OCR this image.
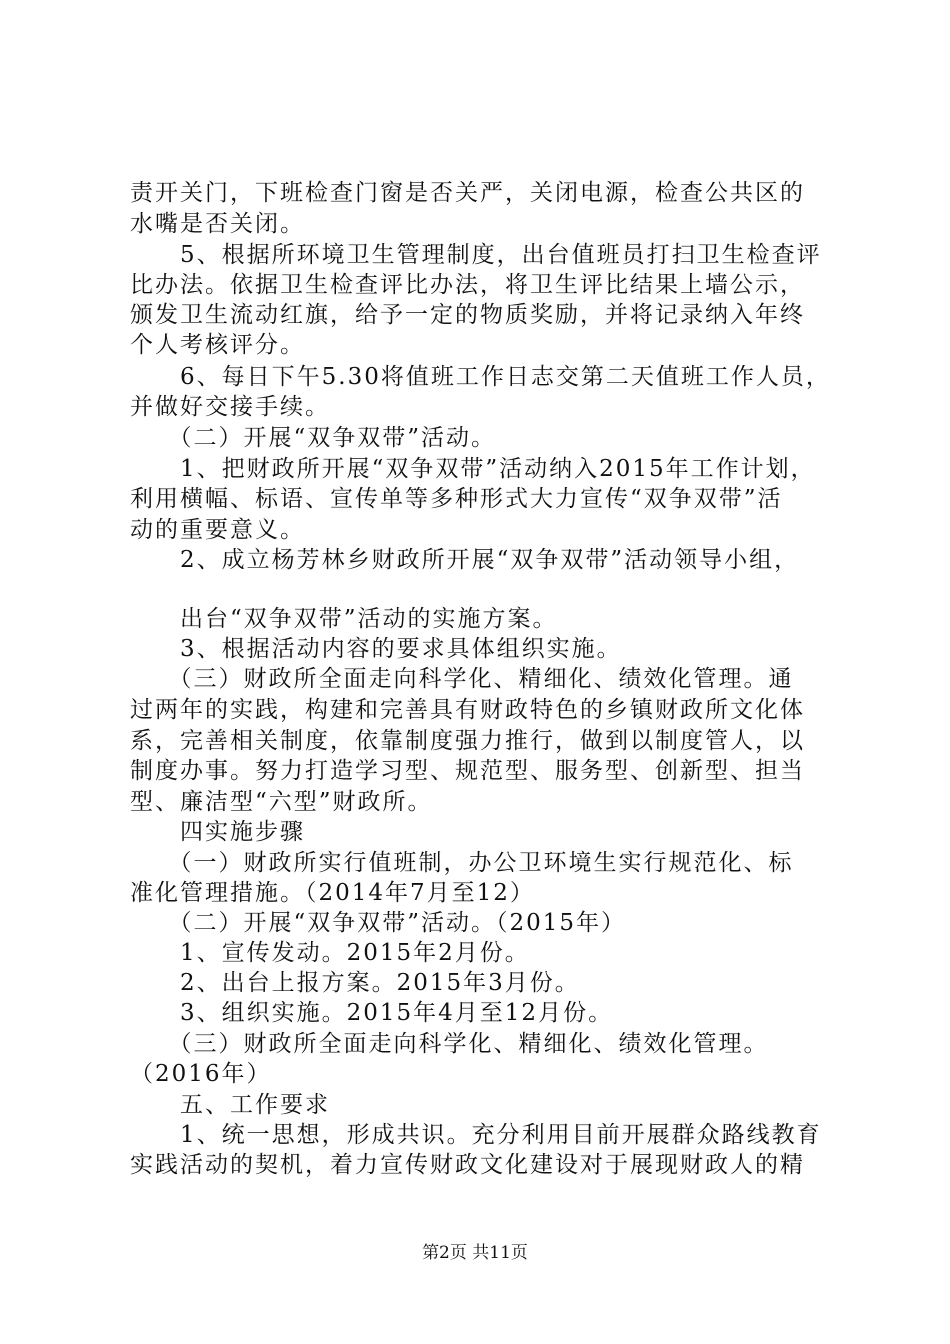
责开关门，下班检查门窗是否关严，关闭电源，检查公共区的
水嘴是否关闭。
　　5、根据所环境卫生管理制度，出台值班员打扫卫生检查评
比办法。依据卫生检查评比办法，将卫生评比结果上墙公示，
颁发卫生流动红旗，给予一定的物质奖励，并将记录纳入年终
个人考核评分。
　　6、每日下午5.30将值班工作日志交第二天值班工作人员，
并做好交接手续。
　　（二）开展“双争双带”活动。
　　1、把财政所开展“双争双带”活动纳入2015年工作计划，
利用横幅、标语、宣传单等多种形式大力宣传“双争双带”活
动的重要意义。
　　2、成立杨芳林乡财政所开展“双争双带”活动领导小组，
　　出台“双争双带”活动的实施方案。
　　3、根据活动内容的要求具体组织实施。
　　（三）财政所全面走向科学化、精细化、绩效化管理。通
过两年的实践，构建和完善具有财政特色的乡镇财政所文化体
系，完善相关制度，依靠制度强力推行，做到以制度管人，以
制度办事。努力打造学习型、规范型、服务型、创新型、担当
型、廉洁型“六型”财政所。
　　四实施步骤
　　（一）财政所实行值班制，办公卫环境生实行规范化、标
准化管理措施。（2014年7月至12）
　　（二）开展“双争双带”活动。（2015年）
　　1、宣传发动。2015年2月份。
　　2、出台上报方案。2015年3月份。
　　3、组织实施。2015年4月至12月份。
　　（三）财政所全面走向科学化、精细化、绩效化管理。
（2016年）
　　五、工作要求
　　1、统一思想，形成共识。充分利用目前开展群众路线教育
实践活动的契机，着力宣传财政文化建设对于展现财政人的精
第2页 共11页
